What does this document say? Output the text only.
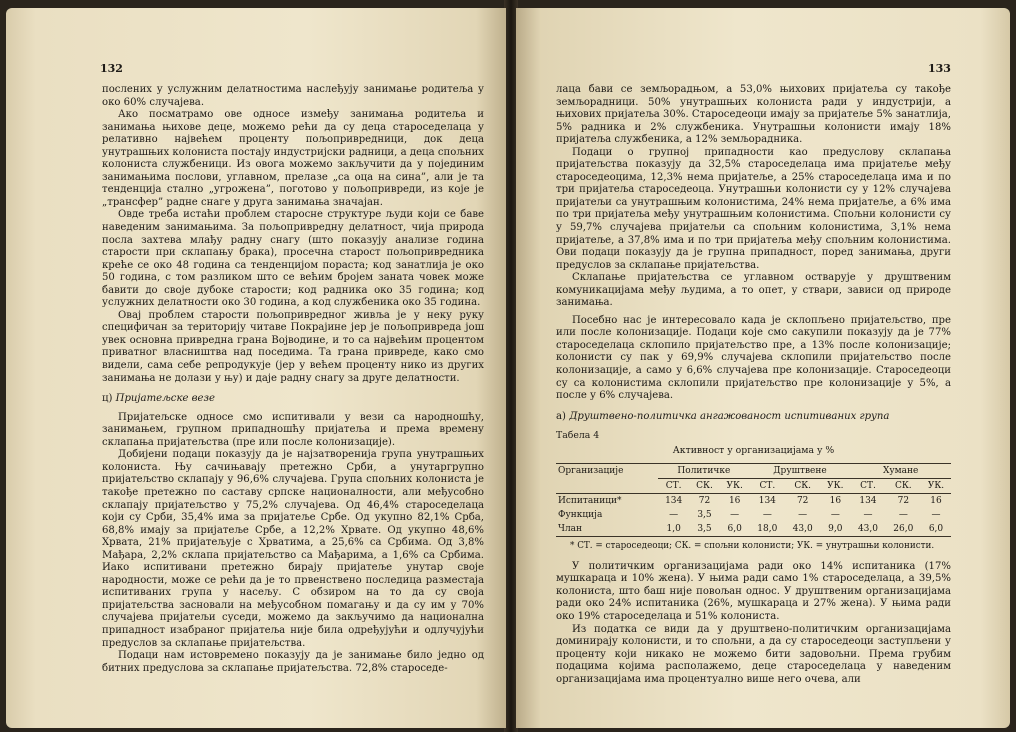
132

послених у услужним делатностима наслеђују занимање родитеља у око 60% случајева.

Ако посматрамо ове односе између занимања родитеља и занимања њихове деце, можемо рећи да су деца староседелаца у релативно највећем проценту пољопривредници, док деца унутрашњих колониста постају индустријски радници, а деца спољних колониста службеници. Из овога можемо закључити да у појединим занимањима послови, углавном, прелазе „са оца на сина”, али је та тенденција стално „угрожена”, поготово у пољопривреди, из које је „трансфер” радне снаге у друга занимања значајан.

Овде треба истаћи проблем старосне структуре људи који се баве наведеним занимањима. За пољопривредну делатност, чија природа посла захтева млађу радну снагу (што показују анализе година старости при склапању брака), просечна старост пољопривредника креће се око 48 година са тенденцијом пораста; код занатлија је око 50 година, с том разликом што се већим бројем заната човек може бавити до своје дубоке старости; код радника око 35 година; код услужних делатности око 30 година, а код службеника око 35 година.

Овај проблем старости пољопривредног живља је у неку руку специфичан за територију читаве Покрајине јер је пољопривреда још увек основна привредна грана Војводине, и то са највећим процентом приватног власништва над поседима. Та грана привреде, како смо видели, сама себе репродукује (јер у већем проценту нико из других занимања не долази у њу) и даје радну снагу за друге делатности.

ц) Пријатељске везе

Пријатељске односе смо испитивали у вези са народношћу, занимањем, групном припадношћу пријатеља и према времену склапања пријатељства (пре или после колонизације).

Добијени подаци показују да је најзатворенија група унутрашњих колониста. Њу сачињавају претежно Срби, а унутаргрупно пријатељство склапају у 96,6% случајева. Група спољних колониста је такође претежно по саставу српске националности, али међусобно склапају пријатељство у 75,2% случајева. Од 46,4% староседелаца који су Срби, 35,4% има за пријатеље Србе. Од укупно 82,1% Срба, 68,8% имају за пријатеље Србе, а 12,2% Хрвате. Од укупно 48,6% Хрвата, 21% пријатељује с Хрватима, а 25,6% са Србима. Од 3,8% Мађара, 2,2% склапа пријатељство са Мађарима, а 1,6% са Србима. Иако испитивани претежно бирају пријатеље унутар своје народности, може се рећи да је то првенствено последица разместаја испитиваних група у насељу. С обзиром на то да су своја пријатељства засновали на међусобном помагању и да су им у 70% случајева пријатељи суседи, можемо да закључимо да национална припадност изабраног пријатеља није била одређујући и одлучујући предуслов за склапање пријатељства.

Подаци нам истовремено показују да је занимање било једно од битних предуслова за склапање пријатељства. 72,8% староседе-

133

лаца бави се земљорадњом, а 53,0% њихових пријатеља су такође земљорадници. 50% унутрашњих колониста ради у индустрији, а њихових пријатеља 30%. Староседеоци имају за пријатеље 5% занатлија, 5% радника и 2% службеника. Унутрашњи колонисти имају 18% пријатеља службеника, а 12% земљорадника.

Подаци о групној припадности као предуслову склапања пријатељства показују да 32,5% староседелаца има пријатеље међу староседеоцима, 12,3% нема пријатеље, а 25% староседелаца има и по три пријатеља староседеоца. Унутрашњи колонисти су у 12% случајева пријатељи са унутрашњим колонистима, 24% нема пријатеље, а 6% има по три пријатеља међу унутрашњим колонистима. Спољни колонисти су у 59,7% случајева пријатељи са спољним колонистима, 3,1% нема пријатеље, а 37,8% има и по три пријатеља међу спољним колонистима. Ови подаци показују да је групна припадност, поред занимања, други предуслов за склапање пријатељства.

Склапање пријатељства се углавном остварује у друштвеним комуникацијама међу људима, а то опет, у ствари, зависи од природе занимања.

Посебно нас је интересовало када је склопљено пријатељство, пре или после колонизације. Подаци које смо сакупили показују да је 77% староседелаца склопило пријатељство пре, а 13% после колонизације; колонисти су пак у 69,9% случајева склопили пријатељство после колонизације, а само у 6,6% случајева пре колонизације. Староседеоци су са колонистима склопили пријатељство пре колонизације у 5%, а после у 6% случајева.

а) Друштвено-политичка ангажованост испитиваних група
Табела 4
Активност у организацијама у %
Организације	Политичке			Друштвене			Хумане		
	СТ.	СК.	УК.	СТ.	СК.	УК.	СТ.	СК.	УК.
Испитаници*	134	72	16	134	72	16	134	72	16
Функција	—	3,5	—	—	—	—	—	—	—
Члан	1,0	3,5	6,0	18,0	43,0	9,0	43,0	26,0	6,0
* СТ. = староседеоци; СК. = спољни колонисти; УК. = унутрашњи колонисти.

У политичким организацијама ради око 14% испитаника (17% мушкараца и 10% жена). У њима ради само 1% староседелаца, а 39,5% колониста, што баш није повољан однос. У друштвеним организацијама ради око 24% испитаника (26%, мушкараца и 27% жена). У њима ради око 19% староседелаца и 51% колониста.

Из податка се види да у друштвено-политичким организацијама доминирају колонисти, и то спољни, а да су староседеоци заступљени у проценту који никако не можемо бити задовољни. Према грубим подацима којима располажемо, деце староседелаца у наведеним организацијама има процентуално више него очева, али
